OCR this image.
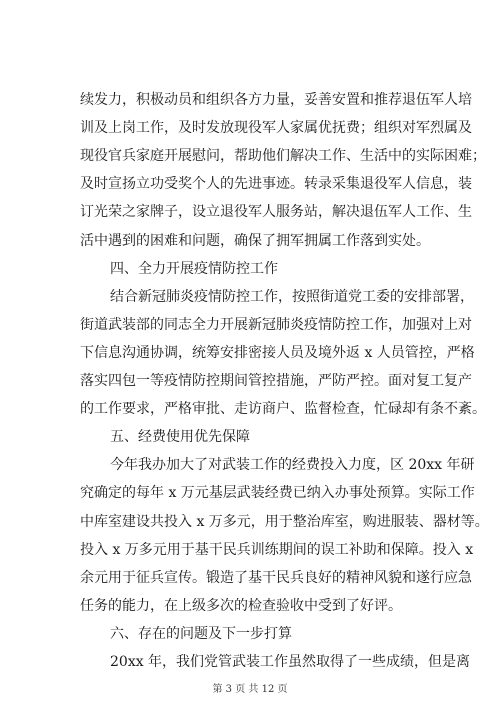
续发力，积极动员和组织各方力量，妥善安置和推荐退伍军人培
训及上岗工作，及时发放现役军人家属优抚费；组织对军烈属及
现役官兵家庭开展慰问，帮助他们解决工作、生活中的实际困难；
及时宣扬立功受奖个人的先进事迹。转录采集退役军人信息，装
订光荣之家牌子，设立退役军人服务站，解决退伍军人工作、生
活中遇到的困难和问题，确保了拥军拥属工作落到实处。
四、全力开展疫情防控工作
结合新冠肺炎疫情防控工作，按照街道党工委的安排部署，
街道武装部的同志全力开展新冠肺炎疫情防控工作，加强对上对
下信息沟通协调，统筹安排密接人员及境外返 x 人员管控，严格
落实四包一等疫情防控期间管控措施，严防严控。面对复工复产
的工作要求，严格审批、走访商户、监督检查，忙碌却有条不紊。
五、经费使用优先保障
今年我办加大了对武装工作的经费投入力度，区 20xx 年研
究确定的每年 x 万元基层武装经费已纳入办事处预算。实际工作
中库室建设共投入 x 万多元，用于整治库室，购进服装、器材等。
投入 x 万多元用于基干民兵训练期间的误工补助和保障。投入 x
余元用于征兵宣传。锻造了基干民兵良好的精神风貌和遂行应急
任务的能力，在上级多次的检查验收中受到了好评。
六、存在的问题及下一步打算
20xx 年，我们党管武装工作虽然取得了一些成绩，但是离
第 3 页 共 12 页
